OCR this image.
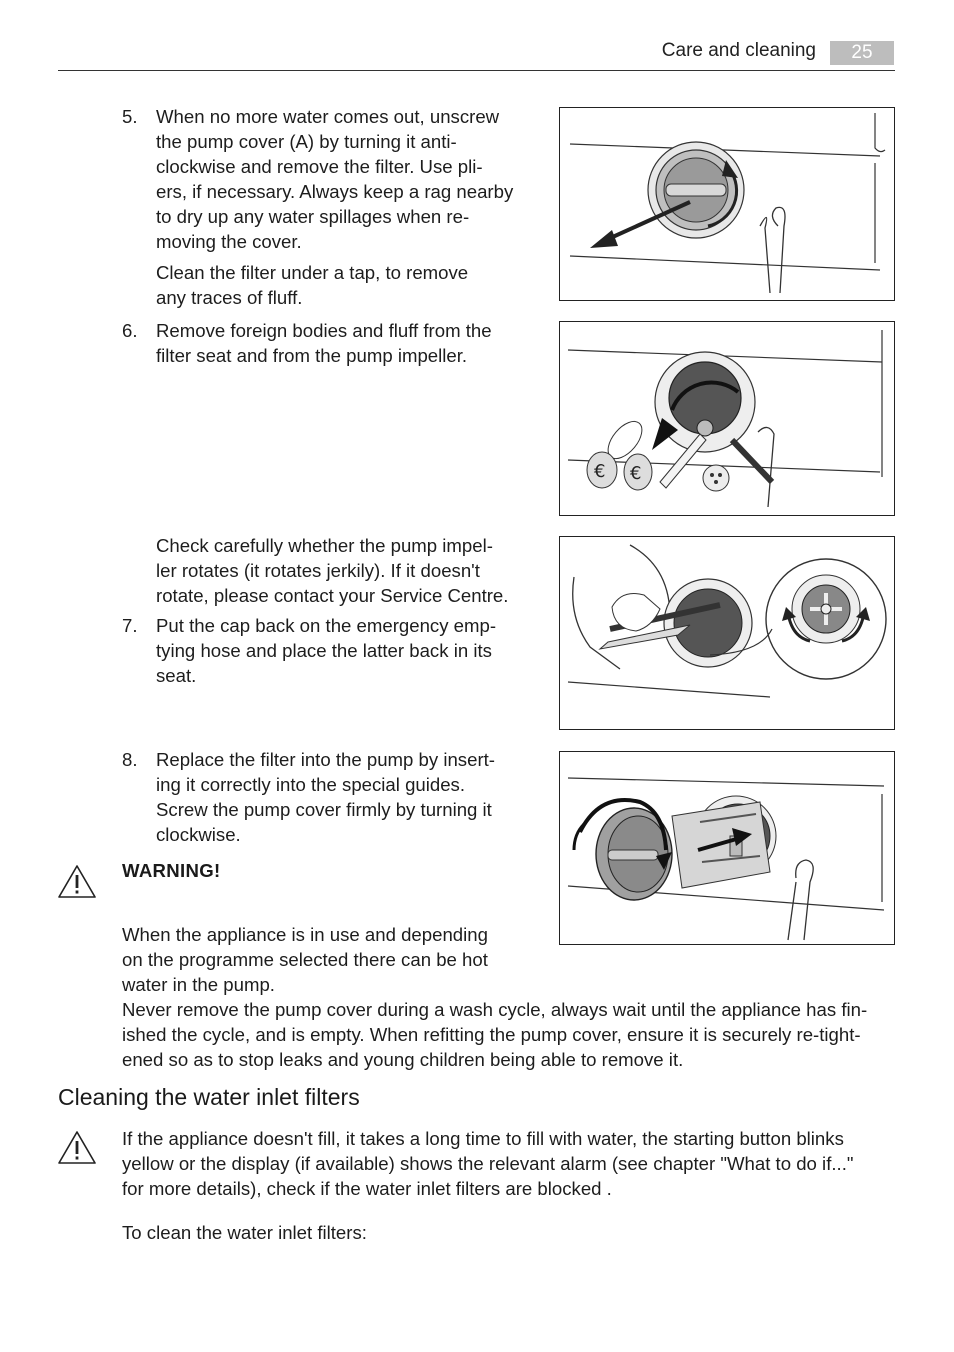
Care and cleaning	25
5. When no more water comes out, unscrew
the pump cover (A) by turning it anti-
clockwise and remove the filter. Use pli-
ers, if necessary. Always keep a rag nearby
to dry up any water spillages when re-
moving the cover.
Clean the filter under a tap, to remove
any traces of fluff.
6. Remove foreign bodies and fluff from the
filter seat and from the pump impeller.
Check carefully whether the pump impel-
ler rotates (it rotates jerkily). If it doesn't
rotate, please contact your Service Centre.
7. Put the cap back on the emergency emp-
tying hose and place the latter back in its
seat.
8. Replace the filter into the pump by insert-
ing it correctly into the special guides.
Screw the pump cover firmly by turning it
clockwise.
WARNING!
When the appliance is in use and depending
on the programme selected there can be hot
water in the pump.
Never remove the pump cover during a wash cycle, always wait until the appliance has fin-
ished the cycle, and is empty. When refitting the pump cover, ensure it is securely re-tight-
ened so as to stop leaks and young children being able to remove it.
Cleaning the water inlet filters
If the appliance doesn't fill, it takes a long time to fill with water, the starting button blinks
yellow or the display (if available) shows the relevant alarm (see chapter "What to do if..."
for more details), check if the water inlet filters are blocked .
To clean the water inlet filters:
€ €
